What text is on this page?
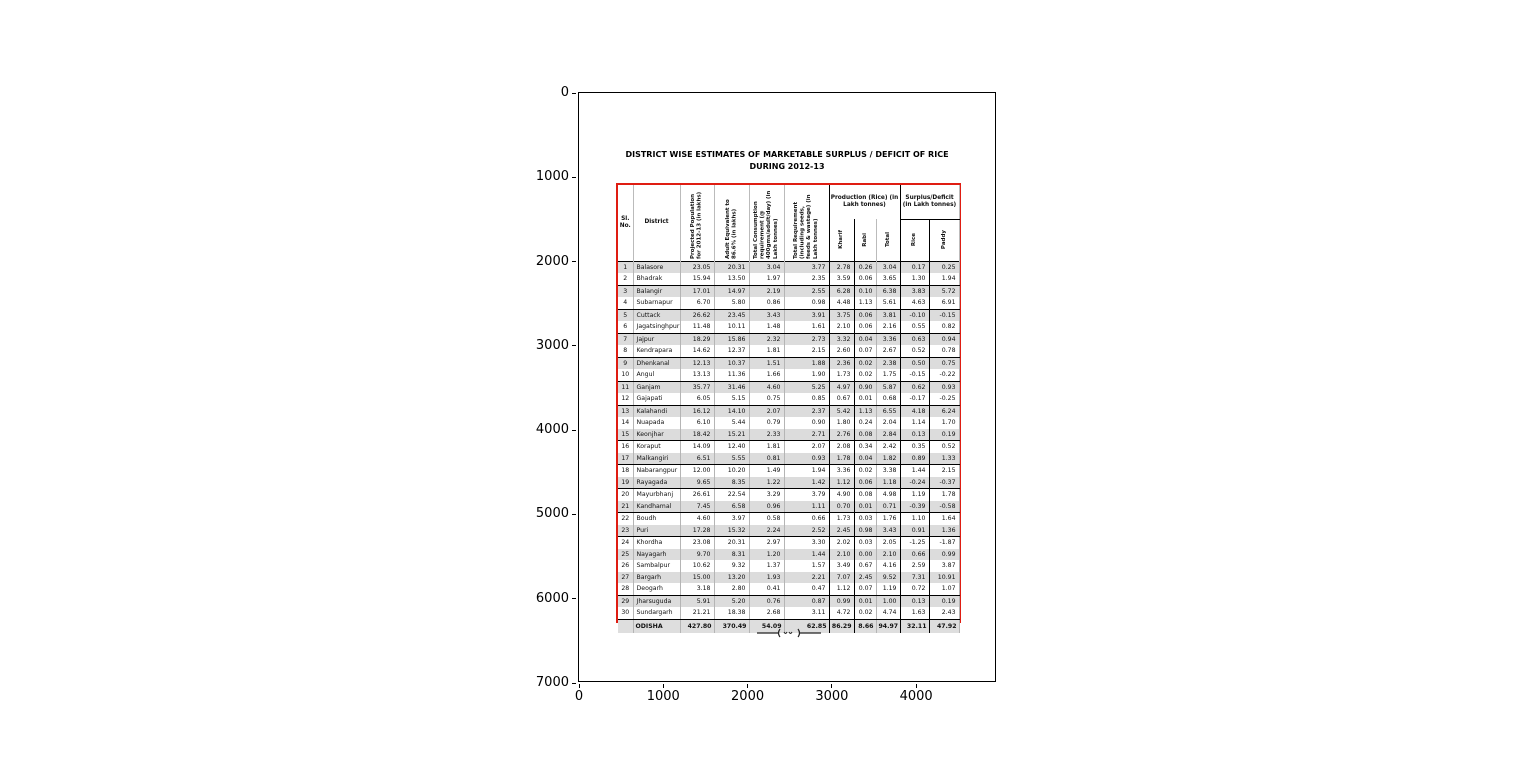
0
1000
2000
3000
4000
5000
6000
7000
0	1000	2000	3000	4000
DISTRICT WISE ESTIMATES OF MARKETABLE SURPLUS / DEFICIT OF RICE
DURING 2012-13
Sl. No.	District	Projected Population for 2012-13 (in lakhs)	Adult Equivalent to 86.6% (in lakhs)	Total Consumption requirement (@ 400gms/adult/day) (in Lakh tonnes)	Total Requirement (including seeds, feeds & wastage) (in Lakh tonnes)	Production (Rice) (in Lakh tonnes)			Surplus/Deficit (in Lakh tonnes)	

						Kharif	Rabi	Total	Rice	Paddy

1	Balasore	23.05	20.31	3.04	3.77	2.78	0.26	3.04	0.17	0.25
2	Bhadrak	15.94	13.50	1.97	2.35	3.59	0.06	3.65	1.30	1.94
3	Balangir	17.01	14.97	2.19	2.55	6.28	0.10	6.38	3.83	5.72
4	Subarnapur	6.70	5.80	0.86	0.98	4.48	1.13	5.61	4.63	6.91
5	Cuttack	26.62	23.45	3.43	3.91	3.75	0.06	3.81	-0.10	-0.15
6	Jagatsinghpur	11.48	10.11	1.48	1.61	2.10	0.06	2.16	0.55	0.82
7	Jajpur	18.29	15.86	2.32	2.73	3.32	0.04	3.36	0.63	0.94
8	Kendrapara	14.62	12.37	1.81	2.15	2.60	0.07	2.67	0.52	0.78
9	Dhenkanal	12.13	10.37	1.51	1.88	2.36	0.02	2.38	0.50	0.75
10	Angul	13.13	11.36	1.66	1.90	1.73	0.02	1.75	-0.15	-0.22
11	Ganjam	35.77	31.46	4.60	5.25	4.97	0.90	5.87	0.62	0.93
12	Gajapati	6.05	5.15	0.75	0.85	0.67	0.01	0.68	-0.17	-0.25
13	Kalahandi	16.12	14.10	2.07	2.37	5.42	1.13	6.55	4.18	6.24
14	Nuapada	6.10	5.44	0.79	0.90	1.80	0.24	2.04	1.14	1.70
15	Keonjhar	18.42	15.21	2.33	2.71	2.76	0.08	2.84	0.13	0.19
16	Koraput	14.09	12.40	1.81	2.07	2.08	0.34	2.42	0.35	0.52
17	Malkangiri	6.51	5.55	0.81	0.93	1.78	0.04	1.82	0.89	1.33
18	Nabarangpur	12.00	10.20	1.49	1.94	3.36	0.02	3.38	1.44	2.15
19	Rayagada	9.65	8.35	1.22	1.42	1.12	0.06	1.18	-0.24	-0.37
20	Mayurbhanj	26.61	22.54	3.29	3.79	4.90	0.08	4.98	1.19	1.78
21	Kandhamal	7.45	6.58	0.96	1.11	0.70	0.01	0.71	-0.39	-0.58
22	Boudh	4.60	3.97	0.58	0.66	1.73	0.03	1.76	1.10	1.64
23	Puri	17.28	15.32	2.24	2.52	2.45	0.98	3.43	0.91	1.36
24	Khordha	23.08	20.31	2.97	3.30	2.02	0.03	2.05	-1.25	-1.87
25	Nayagarh	9.70	8.31	1.20	1.44	2.10	0.00	2.10	0.66	0.99
26	Sambalpur	10.62	9.32	1.37	1.57	3.49	0.67	4.16	2.59	3.87
27	Bargarh	15.00	13.20	1.93	2.21	7.07	2.45	9.52	7.31	10.91
28	Deogarh	3.18	2.80	0.41	0.47	1.12	0.07	1.19	0.72	1.07
29	Jharsuguda	5.91	5.20	0.76	0.87	0.99	0.01	1.00	0.13	0.19
30	Sundargarh	21.21	18.38	2.68	3.11	4.72	0.02	4.74	1.63	2.43
	ODISHA	427.80	370.49	54.09	62.85	86.29	8.66	94.97	32.11	47.92
